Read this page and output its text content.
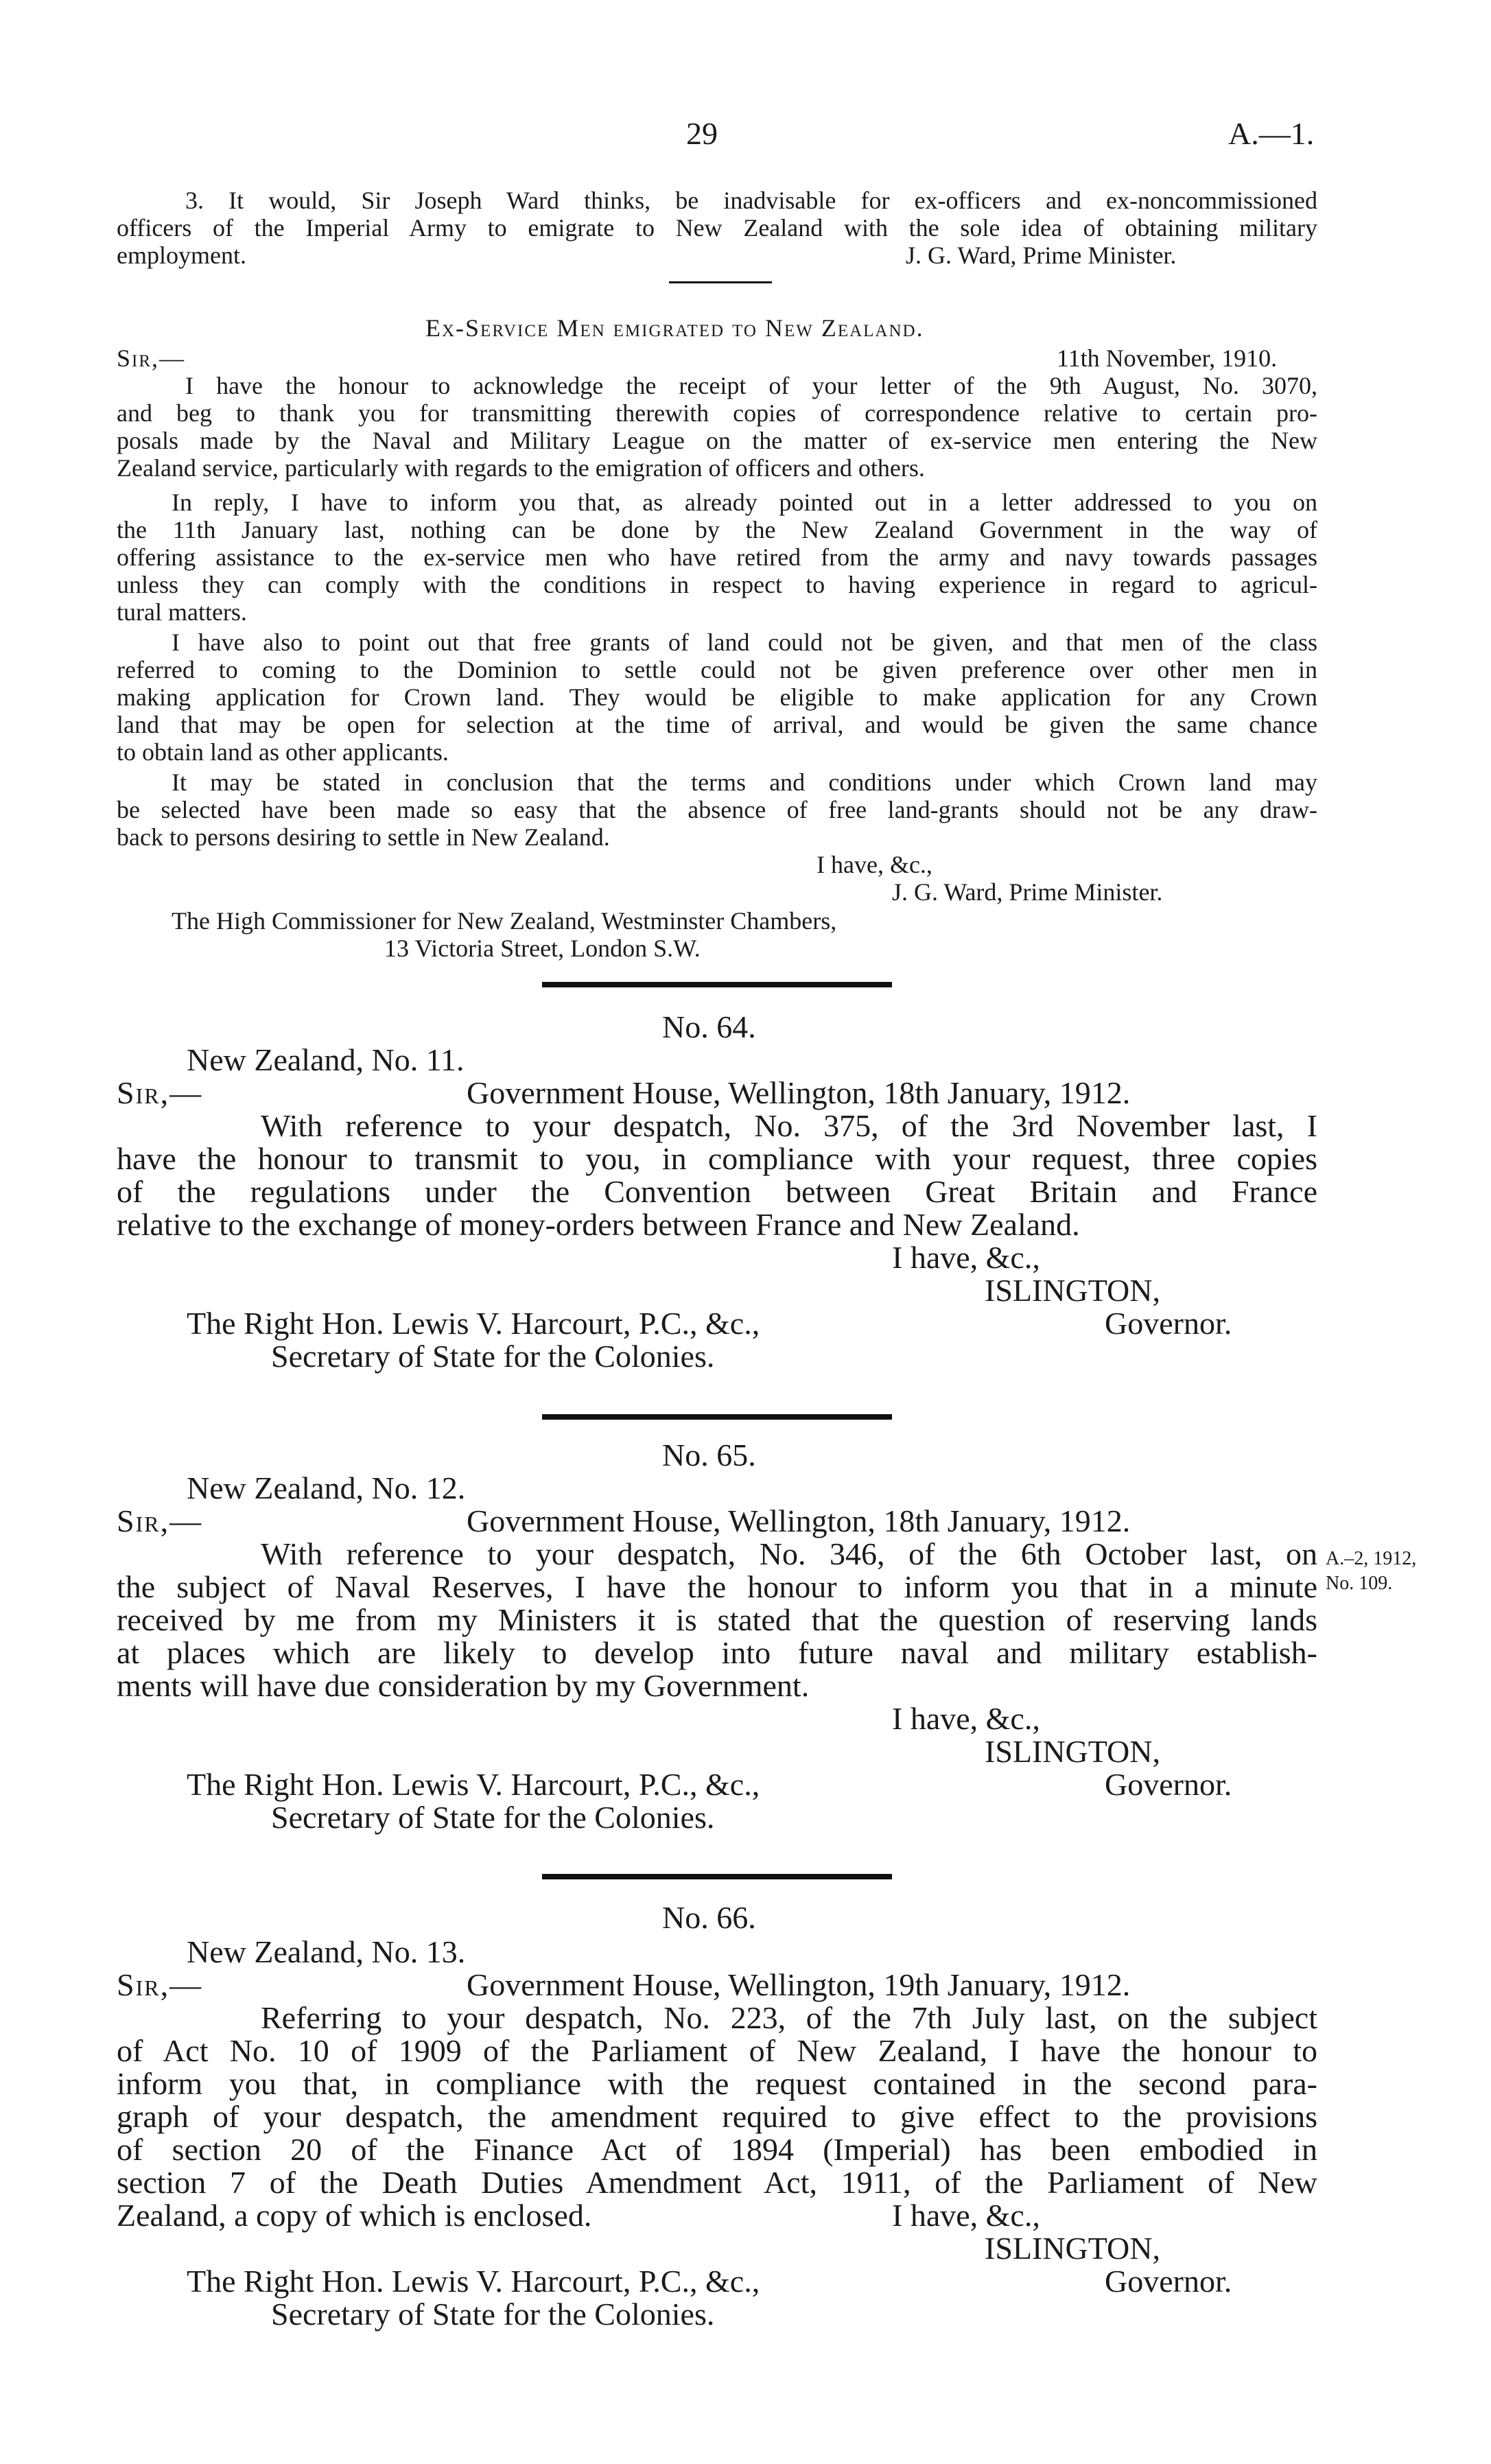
29	A.—1.
3. It would, Sir Joseph Ward thinks, be inadvisable for ex-officers and ex-noncommissioned
officers of the Imperial Army to emigrate to New Zealand with the sole idea of obtaining military
employment.	J. G. Ward, Prime Minister.
Ex-Service Men emigrated to New Zealand.
Sir,—	11th November, 1910.
I have the honour to acknowledge the receipt of your letter of the 9th August, No. 3070,
and beg to thank you for transmitting therewith copies of correspondence relative to certain pro-
posals made by the Naval and Military League on the matter of ex-service men entering the New
Zealand service, particularly with regards to the emigration of officers and others.
In reply, I have to inform you that, as already pointed out in a letter addressed to you on
the 11th January last, nothing can be done by the New Zealand Government in the way of
offering assistance to the ex-service men who have retired from the army and navy towards passages
unless they can comply with the conditions in respect to having experience in regard to agricul-
tural matters.
I have also to point out that free grants of land could not be given, and that men of the class
referred to coming to the Dominion to settle could not be given preference over other men in
making application for Crown land. They would be eligible to make application for any Crown
land that may be open for selection at the time of arrival, and would be given the same chance
to obtain land as other applicants.
It may be stated in conclusion that the terms and conditions under which Crown land may
be selected have been made so easy that the absence of free land-grants should not be any draw-
back to persons desiring to settle in New Zealand.
I have, &c.,
J. G. Ward, Prime Minister.
The High Commissioner for New Zealand, Westminster Chambers,
13 Victoria Street, London S.W.
No. 64.
New Zealand, No. 11.
Sir,—	Government House, Wellington, 18th January, 1912.
With reference to your despatch, No. 375, of the 3rd November last, I
have the honour to transmit to you, in compliance with your request, three copies
of the regulations under the Convention between Great Britain and France
relative to the exchange of money-orders between France and New Zealand.
I have, &c.,
ISLINGTON,
The Right Hon. Lewis V. Harcourt, P.C., &c.,	Governor.
Secretary of State for the Colonies.
No. 65.
New Zealand, No. 12.
Sir,—	Government House, Wellington, 18th January, 1912.
With reference to your despatch, No. 346, of the 6th October last, on
the subject of Naval Reserves, I have the honour to inform you that in a minute
received by me from my Ministers it is stated that the question of reserving lands
at places which are likely to develop into future naval and military establish-
ments will have due consideration by my Government.
A.–2, 1912,
No. 109.
I have, &c.,
ISLINGTON,
The Right Hon. Lewis V. Harcourt, P.C., &c.,	Governor.
Secretary of State for the Colonies.
No. 66.
New Zealand, No. 13.
Sir,—	Government House, Wellington, 19th January, 1912.
Referring to your despatch, No. 223, of the 7th July last, on the subject
of Act No. 10 of 1909 of the Parliament of New Zealand, I have the honour to
inform you that, in compliance with the request contained in the second para-
graph of your despatch, the amendment required to give effect to the provisions
of section 20 of the Finance Act of 1894 (Imperial) has been embodied in
section 7 of the Death Duties Amendment Act, 1911, of the Parliament of New
Zealand, a copy of which is enclosed.	I have, &c.,
ISLINGTON,
The Right Hon. Lewis V. Harcourt, P.C., &c.,	Governor.
Secretary of State for the Colonies.
